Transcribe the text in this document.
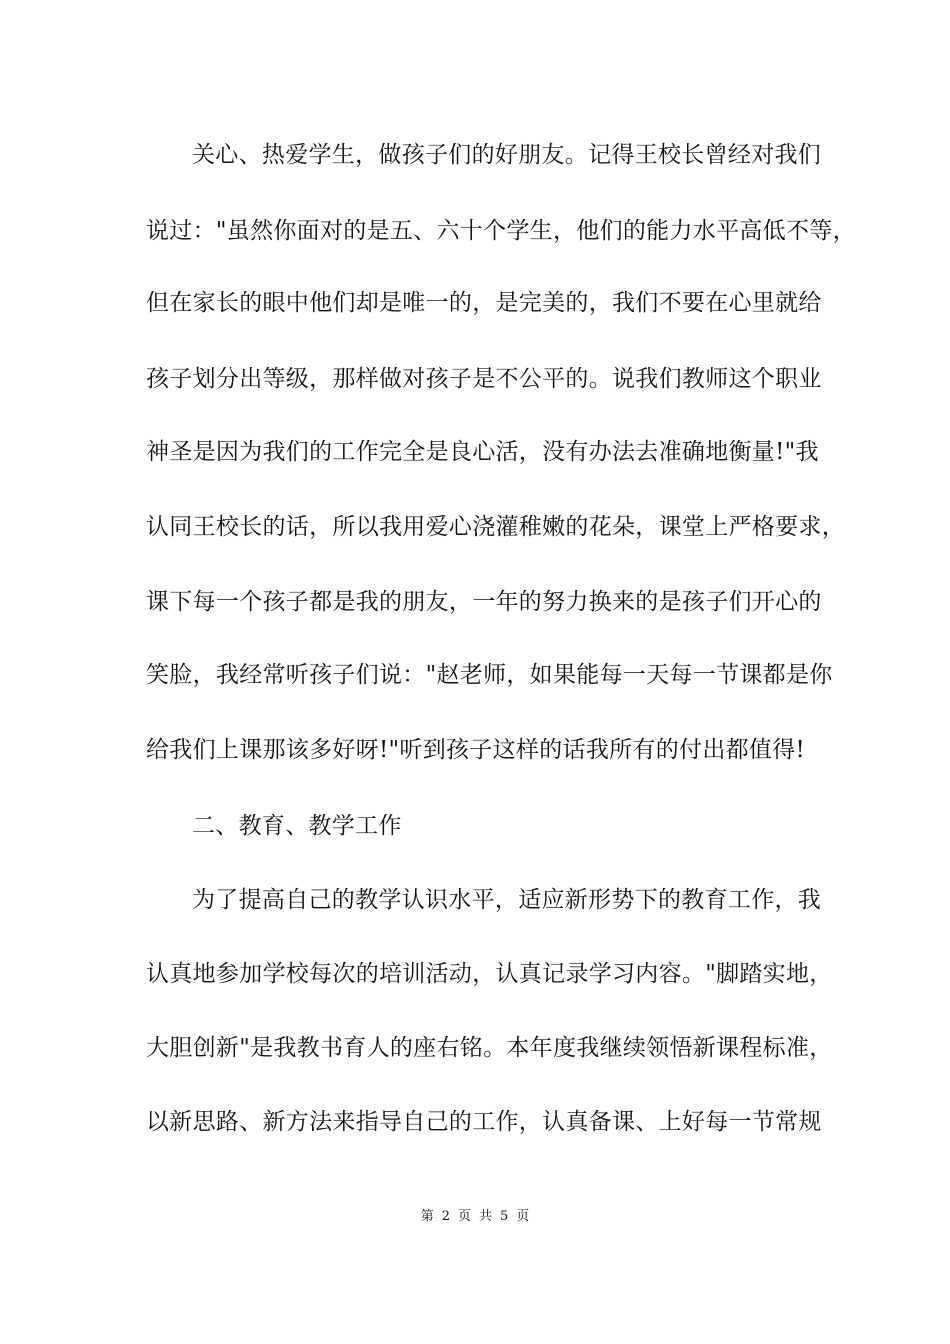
关心、热爱学生，做孩子们的好朋友。记得王校长曾经对我们
说过："虽然你面对的是五、六十个学生，他们的能力水平高低不等，
但在家长的眼中他们却是唯一的，是完美的，我们不要在心里就给
孩子划分出等级，那样做对孩子是不公平的。说我们教师这个职业
神圣是因为我们的工作完全是良心活，没有办法去准确地衡量!"我
认同王校长的话，所以我用爱心浇灌稚嫩的花朵，课堂上严格要求，
课下每一个孩子都是我的朋友，一年的努力换来的是孩子们开心的
笑脸，我经常听孩子们说："赵老师，如果能每一天每一节课都是你
给我们上课那该多好呀!"听到孩子这样的话我所有的付出都值得!
二、教育、教学工作
为了提高自己的教学认识水平，适应新形势下的教育工作，我
认真地参加学校每次的培训活动，认真记录学习内容。"脚踏实地，
大胆创新"是我教书育人的座右铭。本年度我继续领悟新课程标准，
以新思路、新方法来指导自己的工作，认真备课、上好每一节常规
第 2 页 共 5 页
